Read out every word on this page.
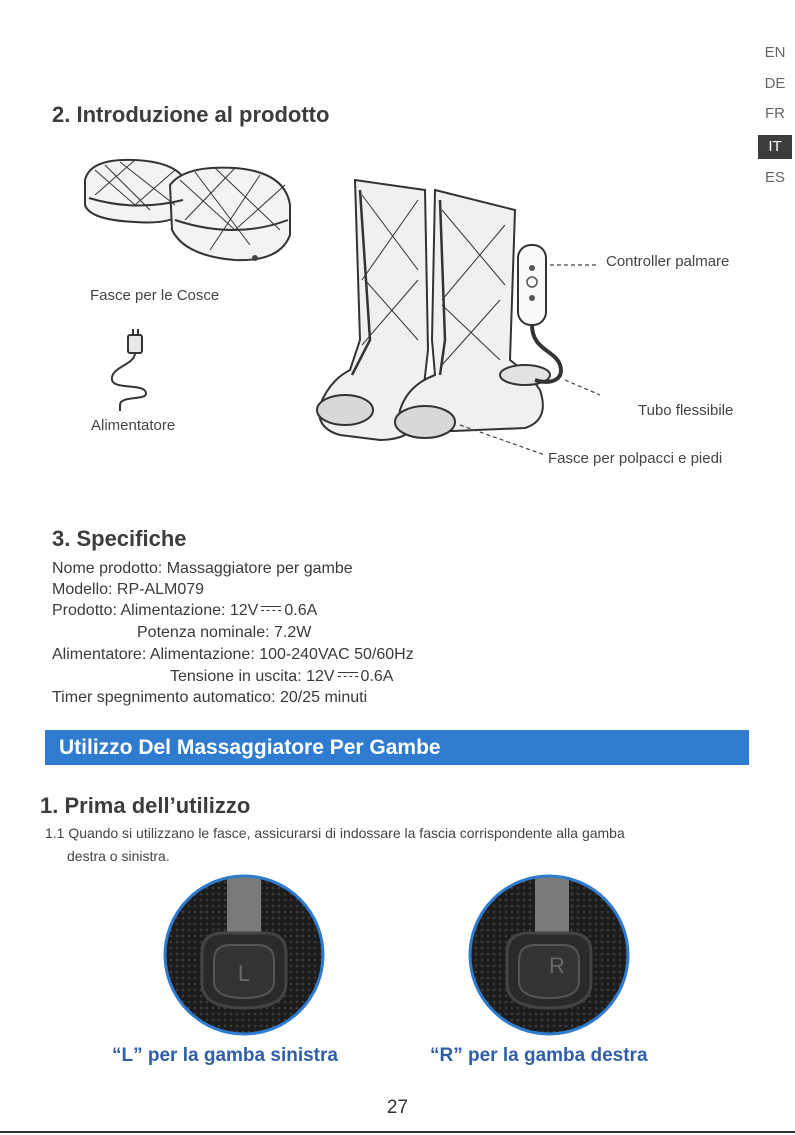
EN
DE
FR
IT
ES
2. Introduzione al prodotto
Fasce per le Cosce
Alimentatore
Controller palmare
Tubo flessibile
Fasce per polpacci e piedi
3. Specifiche
Nome prodotto: Massaggiatore per gambe
Modello: RP-ALM079
Prodotto: Alimentazione: 12V 0.6A
Potenza nominale: 7.2W
Alimentatore: Alimentazione: 100-240VAC 50/60Hz
Tensione in uscita: 12V 0.6A
Timer spegnimento automatico: 20/25 minuti
Utilizzo Del Massaggiatore Per Gambe
1. Prima dell’utilizzo
1.1 Quando si utilizzano le fasce, assicurarsi di indossare la fascia corrispondente alla gamba
destra o sinistra.
L	R
“L” per la gamba sinistra	“R” per la gamba destra
27
